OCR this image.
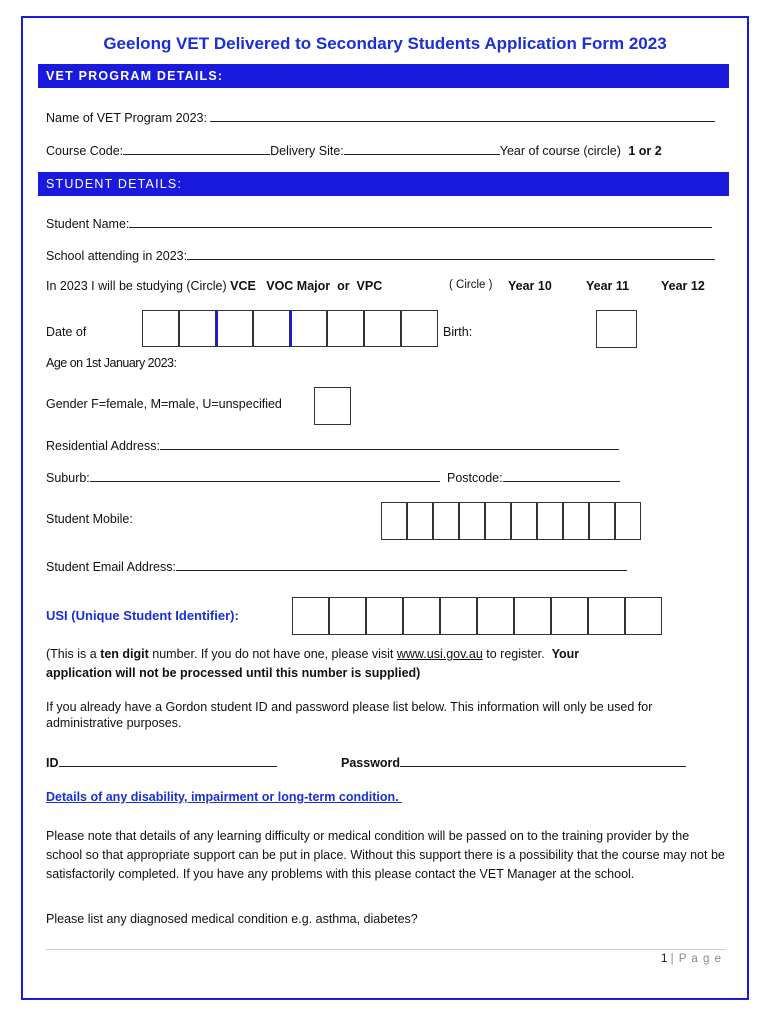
Geelong VET Delivered to Secondary Students Application Form 2023
VET PROGRAM DETAILS:
Name of VET Program 2023:
Course Code:	Delivery Site:	Year of course (circle) 1 or 2
STUDENT DETAILS:
Student Name:
School attending in 2023:
In 2023 I will be studying (Circle) VCE   VOC Major  or  VPC	( Circle ) Year 10	Year 11	Year 12
Date of	Birth:
Age on 1st January 2023:
Gender F=female, M=male, U=unspecified
Residential Address:
Suburb:	Postcode:
Student Mobile:
Student Email Address:
USI (Unique Student Identifier):
(This is a ten digit number. If you do not have one, please visit www.usi.gov.au to register.  Your
application will not be processed until this number is supplied)
If you already have a Gordon student ID and password please list below. This information will only be used for administrative purposes.
ID	Password
Details of any disability, impairment or long-term condition.
Please note that details of any learning difficulty or medical condition will be passed on to the training provider by the school so that appropriate support can be put in place. Without this support there is a possibility that the course may not be satisfactorily completed. If you have any problems with this please contact the VET Manager at the school.
Please list any diagnosed medical condition e.g. asthma, diabetes?
1 | P a g e
